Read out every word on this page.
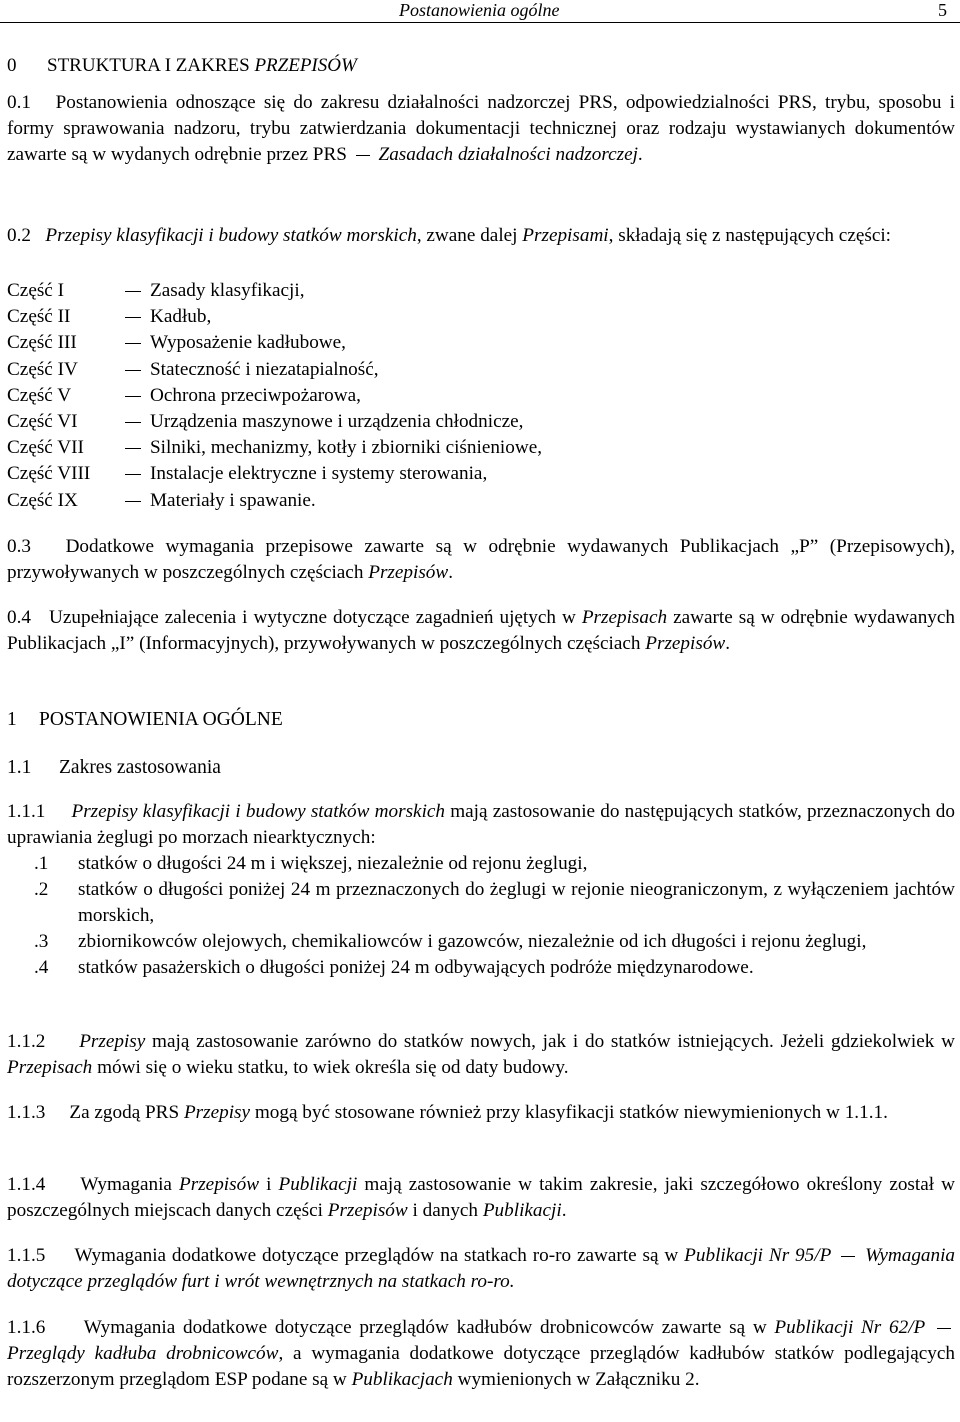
Postanowienia ogólne	5
0 STRUKTURA I ZAKRES PRZEPISÓW
0.1 Postanowienia odnoszące się do zakresu działalności nadzorczej PRS, odpowiedzialności PRS, trybu, sposobu i formy sprawowania nadzoru, trybu zatwierdzania dokumentacji technicznej oraz rodzaju wystawianych dokumentów zawarte są w wydanych odrębnie przez PRS Zasadach działalności nadzorczej.
0.2 Przepisy klasyfikacji i budowy statków morskich, zwane dalej Przepisami, składają się z następujących części:
Część I	Zasady klasyfikacji,
Część II	Kadłub,
Część III	Wyposażenie kadłubowe,
Część IV	Stateczność i niezatapialność,
Część V	Ochrona przeciwpożarowa,
Część VI	Urządzenia maszynowe i urządzenia chłodnicze,
Część VII	Silniki, mechanizmy, kotły i zbiorniki ciśnieniowe,
Część VIII	Instalacje elektryczne i systemy sterowania,
Część IX	Materiały i spawanie.
0.3 Dodatkowe wymagania przepisowe zawarte są w odrębnie wydawanych Publikacjach „P” (Przepisowych), przywoływanych w poszczególnych częściach Przepisów.
0.4 Uzupełniające zalecenia i wytyczne dotyczące zagadnień ujętych w Przepisach zawarte są w odrębnie wydawanych Publikacjach „I” (Informacyjnych), przywoływanych w poszczególnych częściach Przepisów.
1 POSTANOWIENIA OGÓLNE
1.1 Zakres zastosowania
1.1.1 Przepisy klasyfikacji i budowy statków morskich mają zastosowanie do następujących statków, przeznaczonych do uprawiania żeglugi po morzach niearktycznych:
.1 statków o długości 24 m i większej, niezależnie od rejonu żeglugi,
.2 statków o długości poniżej 24 m przeznaczonych do żeglugi w rejonie nieograniczonym, z wyłączeniem jachtów morskich,
.3 zbiornikowców olejowych, chemikaliowców i gazowców, niezależnie od ich długości i rejonu żeglugi,
.4 statków pasażerskich o długości poniżej 24 m odbywających podróże międzynarodowe.
1.1.2 Przepisy mają zastosowanie zarówno do statków nowych, jak i do statków istniejących. Jeżeli gdziekolwiek w Przepisach mówi się o wieku statku, to wiek określa się od daty budowy.
1.1.3 Za zgodą PRS Przepisy mogą być stosowane również przy klasyfikacji statków niewymienionych w 1.1.1.
1.1.4 Wymagania Przepisów i Publikacji mają zastosowanie w takim zakresie, jaki szczegółowo określony został w poszczególnych miejscach danych części Przepisów i danych Publikacji.
1.1.5 Wymagania dodatkowe dotyczące przeglądów na statkach ro-ro zawarte są w Publikacji Nr 95/P Wymagania dotyczące przeglądów furt i wrót wewnętrznych na statkach ro-ro.
1.1.6 Wymagania dodatkowe dotyczące przeglądów kadłubów drobnicowców zawarte są w Publikacji Nr 62/P  Przeglądy kadłuba drobnicowców, a wymagania dodatkowe dotyczące przeglądów kadłubów statków podlegających rozszerzonym przeglądom ESP podane są w Publikacjach wymienionych w Załączniku 2.
